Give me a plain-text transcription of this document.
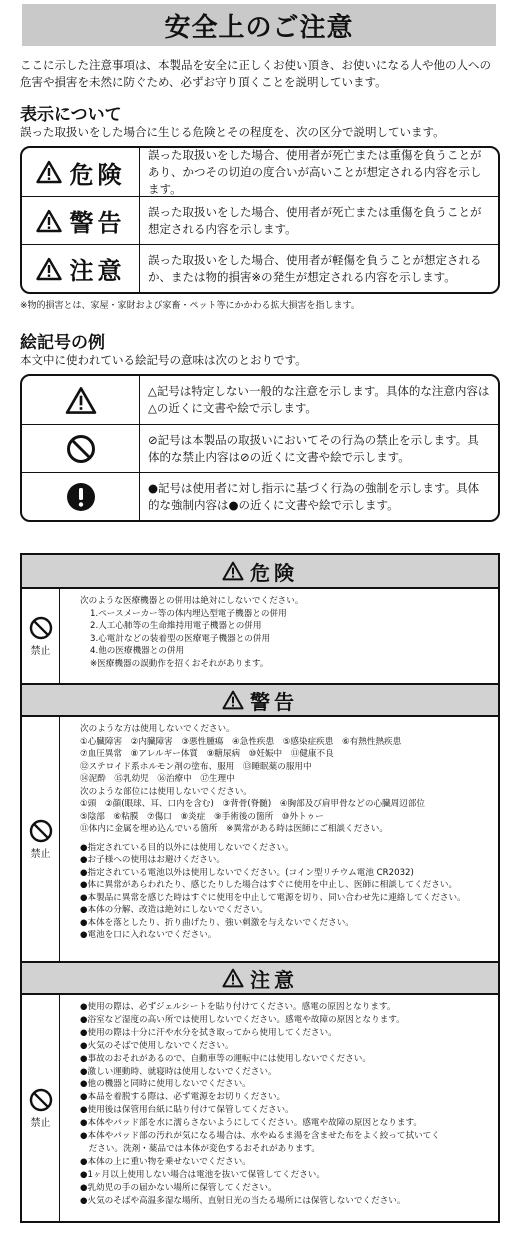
安全上のご注意

ここに示した注意事項は、本製品を安全に正しくお使い頂き、お使いになる人や他の人への危害や損害を未然に防ぐため、必ずお守り頂くことを説明しています。

表示について
誤った取扱いをした場合に生じる危険とその程度を、次の区分で説明しています。
危険
誤った取扱いをした場合、使用者が死亡または重傷を負うことがあり、かつその切迫の度合いが高いことが想定される内容を示します。
警告	誤った取扱いをした場合、使用者が死亡または重傷を負うことが想定される内容を示します。
注意	誤った取扱いをした場合、使用者が軽傷を負うことが想定されるか、または物的損害※の発生が想定される内容を示します。
※物的損害とは、家屋・家財および家畜・ペット等にかかわる拡大損害を指します。
絵記号の例
本文中に使われている絵記号の意味は次のとおりです。
△記号は特定しない一般的な注意を示します。具体的な注意内容は△の近くに文書や絵で示します。
⊘記号は本製品の取扱いにおいてその行為の禁止を示します。具体的な禁止内容は⊘の近くに文書や絵で示します。
●記号は使用者に対し指示に基づく行為の強制を示します。具体的な強制内容は●の近くに文書や絵で示します。
危険
禁止

次のような医療機器との併用は絶対にしないでください。

1.ペースメーカー等の体内埋込型電子機器との併用

2.人工心肺等の生命維持用電子機器との併用

3.心電計などの装着型の医療電子機器との併用

4.他の医療機器との併用

※医療機器の誤動作を招くおそれがあります。

警告
禁止

次のような方は使用しないでください。

①心臓障害　②内臓障害　③悪性腫瘍　④急性疾患　⑤感染症疾患　⑥有熱性熱疾患

⑦血圧異常　⑧アレルギー体質　⑨糖尿病　⑩妊娠中　⑪健康不良

⑫ステロイド系ホルモン剤の塗布、服用　⑬睡眠薬の服用中

⑭泥酔　⑮乳幼児　⑯治療中　⑰生理中

次のような部位には使用しないでください。

①頭　②顔(眼球、耳、口内を含む)　③背骨(脊髄)　④胸部及び肩甲骨などの心臓周辺部位

⑤陰部　⑥粘膜　⑦傷口　⑧炎症　⑨手術後の箇所　⑩外トゥー

⑪体内に金属を埋め込んでいる箇所　※異常がある時は医師にご相談ください。

●指定されている目的以外には使用しないでください。

●お子様への使用はお避けください。

●指定されている電池以外は使用しないでください。(コイン型リチウム電池 CR2032)

●体に異常があらわれたり、感じたりした場合はすぐに使用を中止し、医師に相談してください。

●本製品に異常を感じた時はすぐに使用を中止して電源を切り、同い合わせ先に連絡してください。

●本体の分解、改造は絶対にしないでください。

●本体を落としたり、折り曲げたり、強い刺激を与えないでください。

●電池を口に入れないでください。

注意
禁止

●使用の際は、必ずジェルシートを貼り付けてください。感電の原因となります。

●浴室など湿度の高い所では使用しないでください。感電や故障の原因となります。

●使用の際は十分に汗や水分を拭き取ってから使用してください。

●火気のそばで使用しないでください。

●事故のおそれがあるので、自動車等の運転中には使用しないでください。

●激しい運動時、就寝時は使用しないでください。

●他の機器と同時に使用しないでください。

●本品を着脱する際は、必ず電源をお切りください。

●使用後は保管用台紙に貼り付けて保管してください。

●本体やパッド部を水に濡らさないようにしてください。感電や故障の原因となります。

●本体やパッド部の汚れが気になる場合は、水やぬるま湯を含ませた布をよく絞って拭いてく

　ださい。洗剤・薬品では本体が変色するおそれがあります。

●本体の上に重い物を乗せないでください。

●1ヶ月以上使用しない場合は電池を抜いて保管してください。

●乳幼児の手の届かない場所に保管してください。

●火気のそばや高温多湿な場所、直射日光の当たる場所には保管しないでください。
